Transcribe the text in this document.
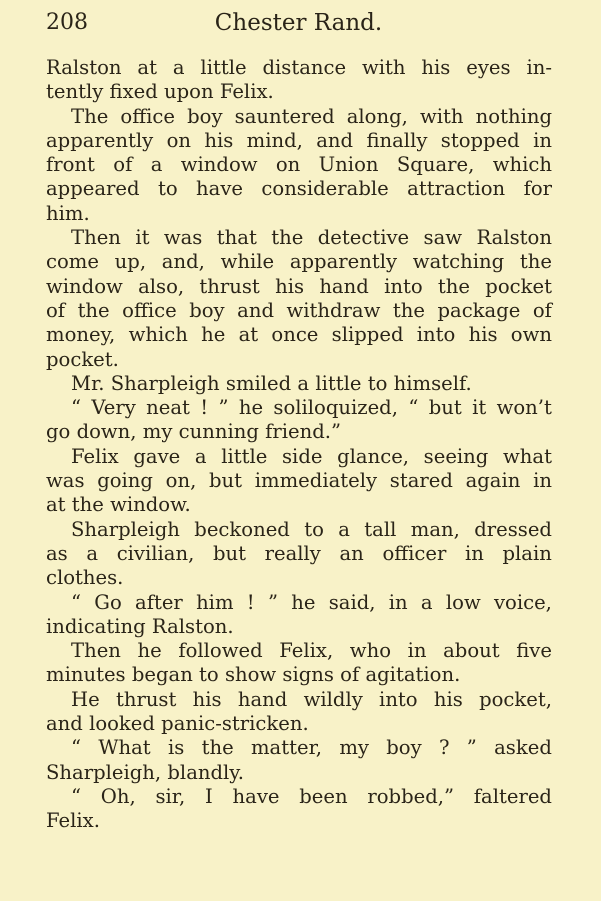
208	Chester Rand.
Ralston at a little distance with his eyes in-
tently fixed upon Felix.
The office boy sauntered along, with nothing
apparently on his mind, and finally stopped in
front of a window on Union Square, which
appeared to have considerable attraction for
him.
Then it was that the detective saw Ralston
come up, and, while apparently watching the
window also, thrust his hand into the pocket
of the office boy and withdraw the package of
money, which he at once slipped into his own
pocket.
Mr. Sharpleigh smiled a little to himself.
“ Very neat ! ” he soliloquized, “ but it won’t
go down, my cunning friend.”
Felix gave a little side glance, seeing what
was going on, but immediately stared again in
at the window.
Sharpleigh beckoned to a tall man, dressed
as a civilian, but really an officer in plain
clothes.
“ Go after him ! ” he said, in a low voice,
indicating Ralston.
Then he followed Felix, who in about five
minutes began to show signs of agitation.
He thrust his hand wildly into his pocket,
and looked panic-stricken.
“ What is the matter, my boy ? ” asked
Sharpleigh, blandly.
“ Oh, sir, I have been robbed,” faltered
Felix.
